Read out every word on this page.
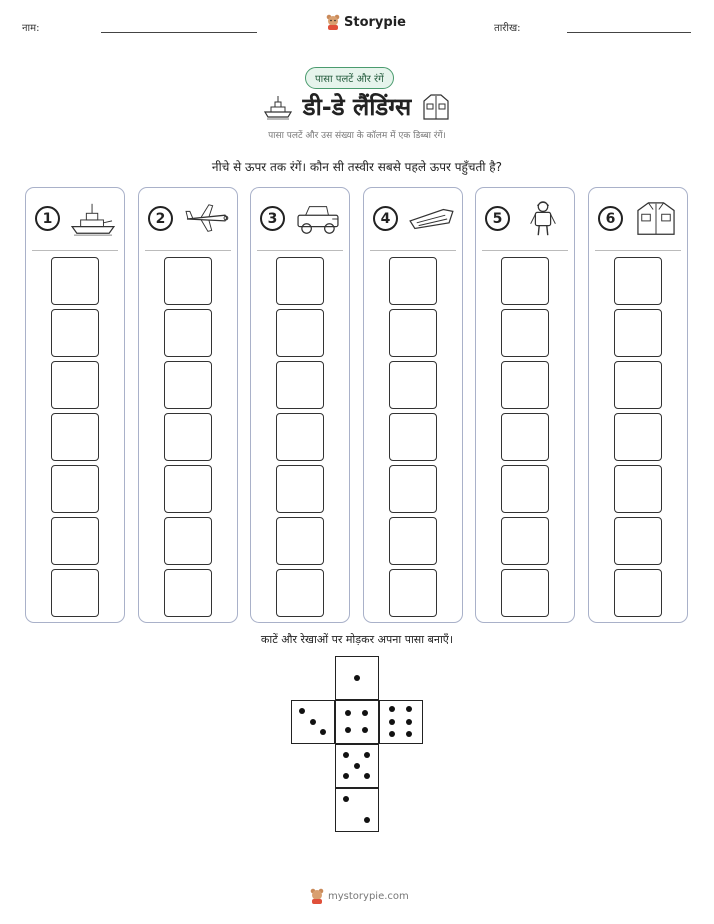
नाम:	Storypie	तारीख:
पासा पलटें और रंगें
डी-डे लैंडिंग्स
पासा पलटें और उस संख्या के कॉलम में एक डिब्बा रंगें।
नीचे से ऊपर तक रंगें। कौन सी तस्वीर सबसे पहले ऊपर पहुँचती है?
1	2	3	4	5	6
काटें और रेखाओं पर मोड़कर अपना पासा बनाएँ।
mystorypie.com
